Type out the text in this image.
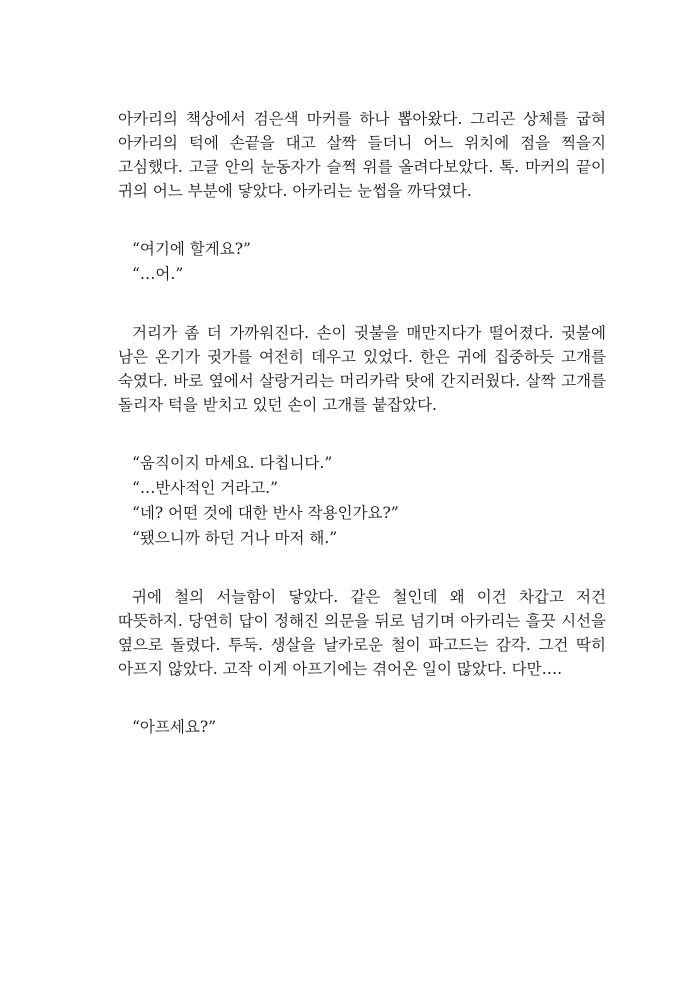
아카리의 책상에서 검은색 마커를 하나 뽑아왔다. 그리곤 상체를 굽혀 아카리의 턱에 손끝을 대고 살짝 들더니 어느 위치에 점을 찍을지 고심했다. 고글 안의 눈동자가 슬쩍 위를 올려다보았다. 톡. 마커의 끝이 귀의 어느 부분에 닿았다. 아카리는 눈썹을 까닥였다.

“여기에 할게요?”

“…어.”

거리가 좀 더 가까워진다. 손이 귓불을 매만지다가 떨어졌다. 귓불에 남은 온기가 귓가를 여전히 데우고 있었다. 한은 귀에 집중하듯 고개를 숙였다. 바로 옆에서 살랑거리는 머리카락 탓에 간지러웠다. 살짝 고개를 돌리자 턱을 받치고 있던 손이 고개를 붙잡았다.

“움직이지 마세요. 다칩니다.”

“…반사적인 거라고.”

“네? 어떤 것에 대한 반사 작용인가요?”

“됐으니까 하던 거나 마저 해.”

귀에 철의 서늘함이 닿았다. 같은 철인데 왜 이건 차갑고 저건 따뜻하지. 당연히 답이 정해진 의문을 뒤로 넘기며 아카리는 흘끗 시선을 옆으로 돌렸다. 투둑. 생살을 날카로운 철이 파고드는 감각. 그건 딱히 아프지 않았다. 고작 이게 아프기에는 겪어온 일이 많았다. 다만….

“아프세요?”
